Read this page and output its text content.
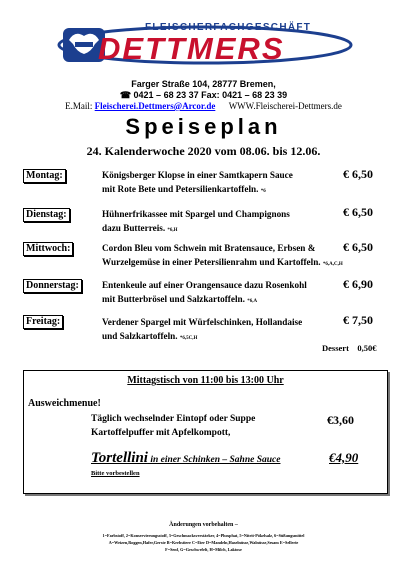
FLEISCHERFACHGESCHÄFT
DETTMERS
Farger Straße 104, 28777 Bremen,
☎ 0421 – 68 23 37 Fax: 0421 – 68 23 39
E.Mail: Fleischerei.Dettmers@Arcor.de WWW.Fleischerei-Dettmers.de
Speiseplan
24. Kalenderwoche 2020 vom 08.06. bis 12.06.
Montag:	Königsberger Klopse in einer Samtkapern Sauce
mit Rote Bete und Petersilienkartoffeln. *6
€ 6,50
Dienstag:	Hühnerfrikassee mit Spargel und Champignons
dazu Butterreis. *6,H
€ 6,50
Mittwoch:	Cordon Bleu vom Schwein mit Bratensauce, Erbsen &
Wurzelgemüse in einer Petersilienrahm und Kartoffeln. *6,A,C,H
€ 6,50
Donnerstag:	Entenkeule auf einer Orangensauce dazu Rosenkohl
mit Butterbrösel und Salzkartoffeln. *6,A
€ 6,90
Freitag:	Verdener Spargel mit Würfelschinken, Hollandaise
und Salzkartoffeln. *6,5C,H
€ 7,50
Dessert    0,50€
Mittagstisch von 11:00 bis 13:00 Uhr
Ausweichmenue!
Täglich wechselnder Eintopf oder Suppe
Kartoffelpuffer mit Apfelkompott,
€3,60
Tortellini in einer Schinken – Sahne Sauce	€4,90
Bitte vorbestellen
Änderungen vorbehalten –
1=Farbstoff, 2=Konservierungsstoff, 3=Geschmacksverstärker, 4=Phosphat, 5=Nitrit-Pökelsalz, 6=Süßungsmittel
A=Weizen,Roggen,Hafer,Gerste B=Krebstiere C=Eier D=Mandeln,Haselnüsse,Walnüsse,Sesam E=Sellerie
F=Senf, G=Geschwefelt, H=Milch, Laktose
